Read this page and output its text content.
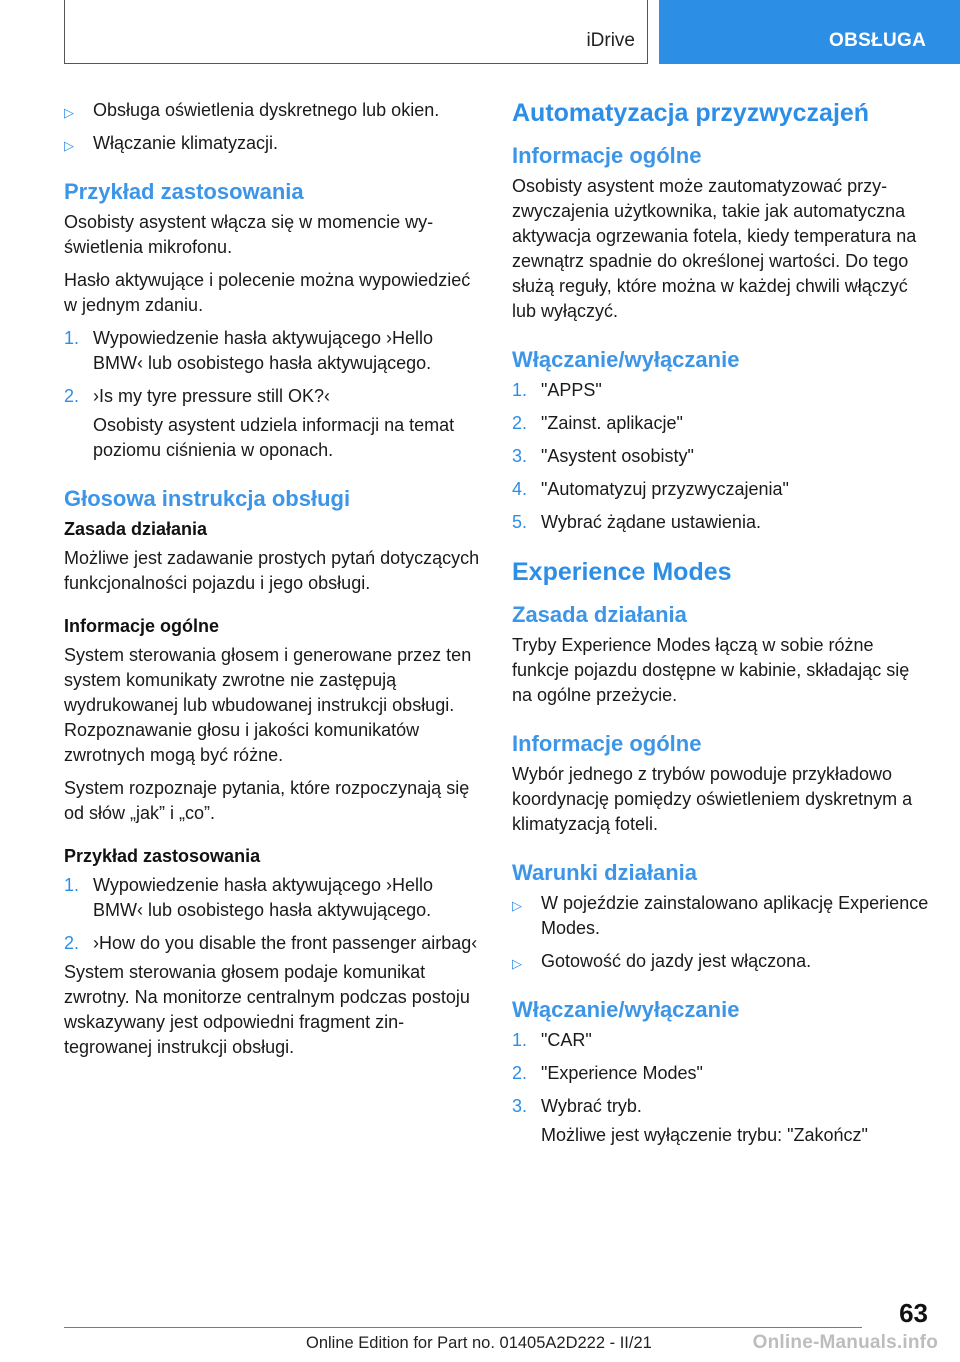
iDrive	OBSŁUGA
▷ Obsługa oświetlenia dyskretnego lub okien.
▷ Włączanie klimatyzacji.
Przykład zastosowania

Osobisty asystent włącza się w momencie wyświetlenia mikrofonu.

Hasło aktywujące i polecenie można wypowiedzieć w jednym zdaniu.

1. Wypowiedzenie hasła aktywującego ›Hello BMW‹ lub osobistego hasła aktywującego.
2. ›Is my tyre pressure still OK?‹
Osobisty asystent udziela informacji na temat poziomu ciśnienia w oponach.
Głosowa instrukcja obsługi
Zasada działania

Możliwe jest zadawanie prostych pytań dotyczących funkcjonalności pojazdu i jego obsługi.

Informacje ogólne

System sterowania głosem i generowane przez ten system komunikaty zwrotne nie zastępują wydrukowanej lub wbudowanej instrukcji obsługi. Rozpoznawanie głosu i jakości komunikatów zwrotnych mogą być różne.

System rozpoznaje pytania, które rozpoczynają się od słów „jak” i „co”.

Przykład zastosowania
1. Wypowiedzenie hasła aktywującego ›Hello BMW‹ lub osobistego hasła aktywującego.
2. ›How do you disable the front passenger airbag‹

System sterowania głosem podaje komunikat zwrotny. Na monitorze centralnym podczas postoju wskazywany jest odpowiedni fragment zintegrowanej instrukcji obsługi.

Automatyzacja przyzwyczajeń
Informacje ogólne

Osobisty asystent może zautomatyzować przyzwyczajenia użytkownika, takie jak automatyczna aktywacja ogrzewania fotela, kiedy temperatura na zewnątrz spadnie do określonej wartości. Do tego służą reguły, które można w każdej chwili włączyć lub wyłączyć.

Włączanie/wyłączanie
1. "APPS"
2. "Zainst. aplikacje"
3. "Asystent osobisty"
4. "Automatyzuj przyzwyczajenia"
5. Wybrać żądane ustawienia.
Experience Modes
Zasada działania

Tryby Experience Modes łączą w sobie różne funkcje pojazdu dostępne w kabinie, składając się na ogólne przeżycie.

Informacje ogólne

Wybór jednego z trybów powoduje przykładowo koordynację pomiędzy oświetleniem dyskretnym a klimatyzacją foteli.

Warunki działania
▷ W pojeździe zainstalowano aplikację Experience Modes.
▷ Gotowość do jazdy jest włączona.
Włączanie/wyłączanie
1. "CAR"
2. "Experience Modes"
3. Wybrać tryb.
Możliwe jest wyłączenie trybu: "Zakończ"
63
Online Edition for Part no. 01405A2D222 - II/21	Online-Manuals.info
